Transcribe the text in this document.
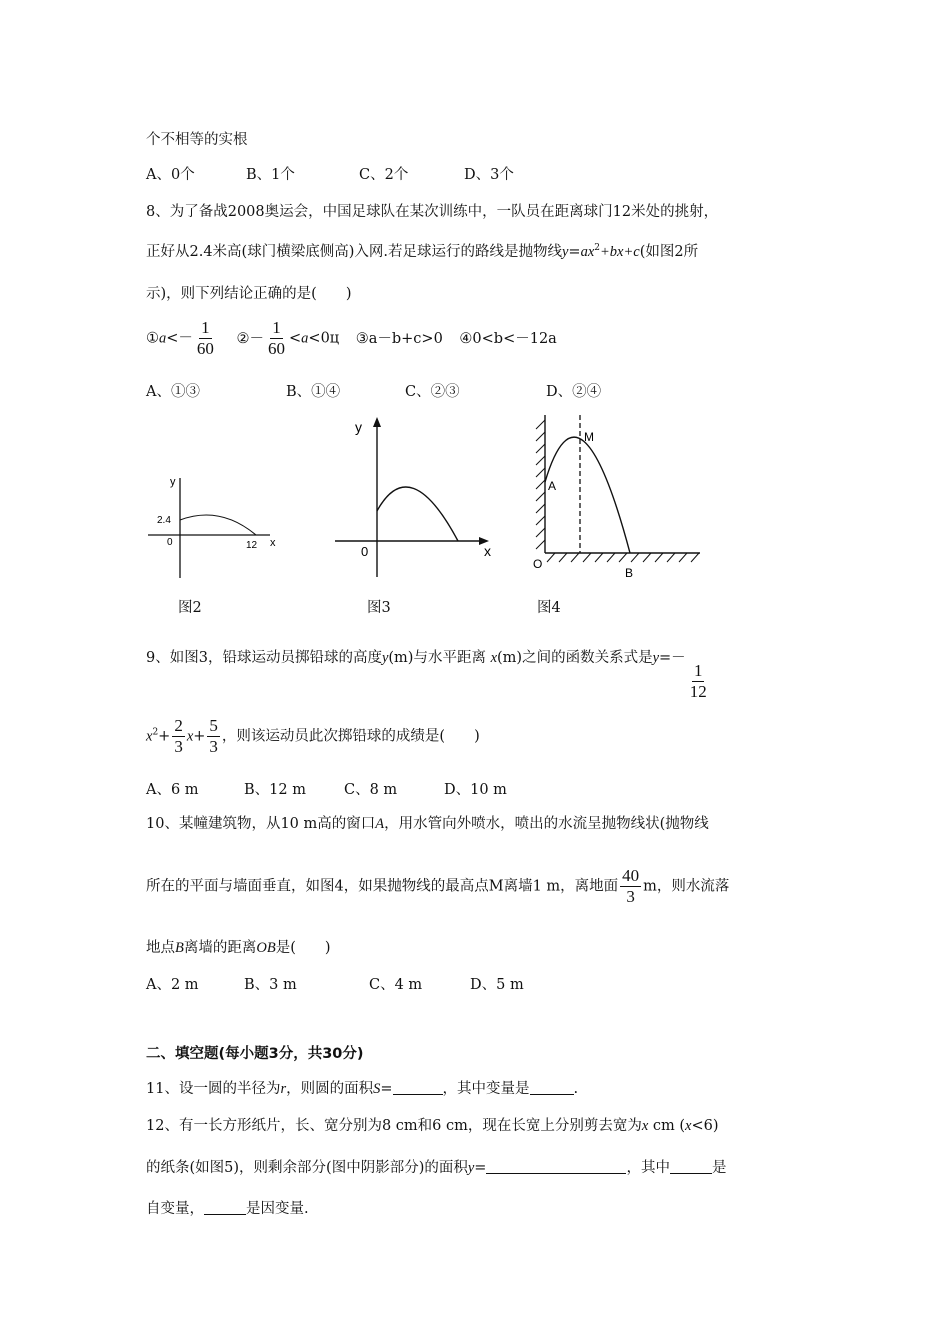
个不相等的实根
A、0个	B、1个	C、2个	D、3个
8、为了备战2008奥运会，中国足球队在某次训练中，一队员在距离球门12米处的挑射，
正好从2.4米高(球门横梁底侧高)入网.若足球运行的路线是抛物线$y=ax^2+bx+c$(如图2所
示)，则下列结论正确的是(　　)
①a<－ $\frac{1}{60}$ ②－ $\frac{1}{60} <a<0ц$ ③a－b+c>0 ④0<b<－12a
A、①③	B、①④	C、②③	D、②④
y
x
0
2.4
12
y
x
0
M
A
O
B
图2	图3	图4
9、如图3，铅球运动员掷铅球的高度y(m)与水平距离 x(m)之间的函数关系式是y=－
$\frac{1}{12}$
$x^2+ \frac{2}{3} x+ \frac{5}{3}$ ，则该运动员此次掷铅球的成绩是(　　)
A、6 m	B、12 m	C、8 m	D、10 m
10、某幢建筑物，从10 m高的窗口A，用水管向外喷水，喷出的水流呈抛物线状(抛物线
所在的平面与墙面垂直，如图4，如果抛物线的最高点M离墙1 m，离地面 $\frac{40}{3}$ m，则水流落
地点B离墙的距离OB是(　　)
A、2 m	B、3 m	C、4 m	D、5 m
二、填空题(每小题3分，共30分)
11、设一圆的半径为r，则圆的面积S=	，其中变量是	.
12、有一长方形纸片，长、宽分别为8 cm和6 cm，现在长宽上分别剪去宽为x cm (x<6)
的纸条(如图5)，则剩余部分(图中阴影部分)的面积y=	，其中	是
自变量，	是因变量.
